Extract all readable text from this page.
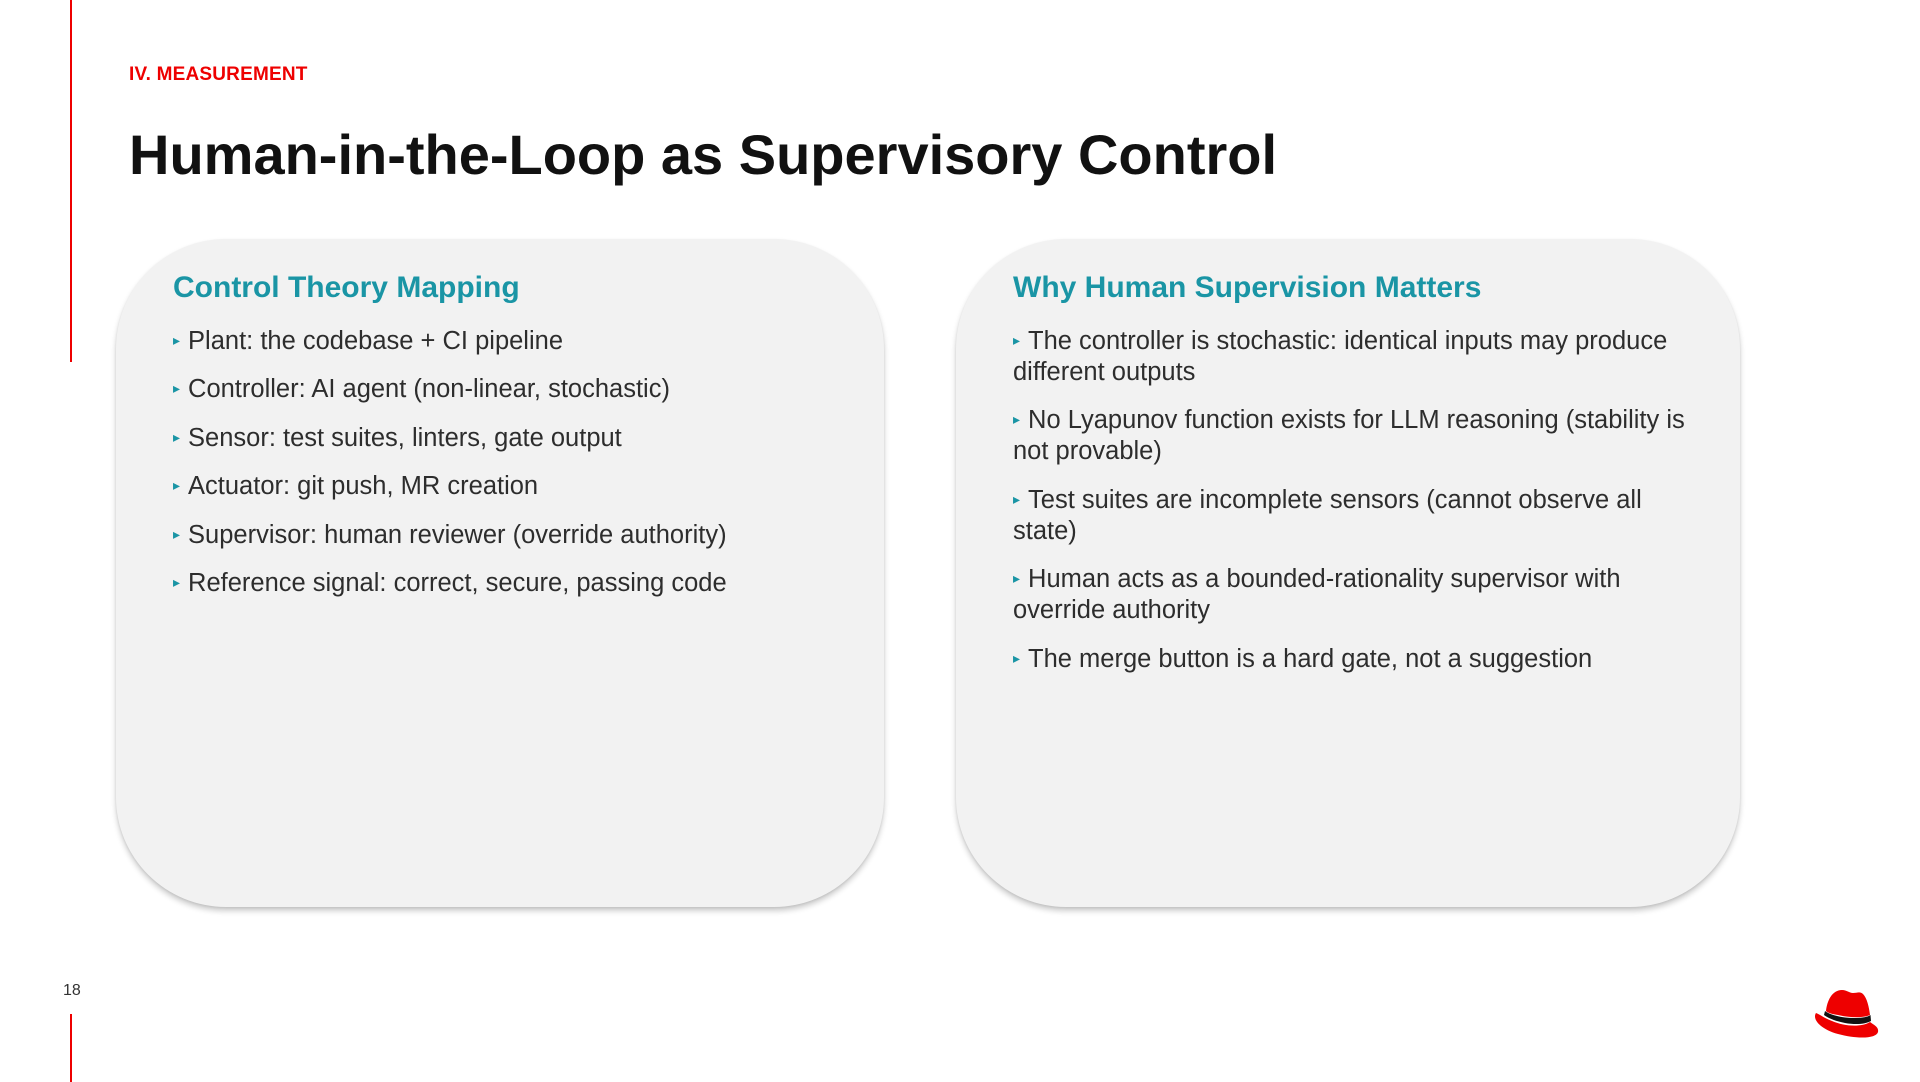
IV. MEASUREMENT
Human-in-the-Loop as Supervisory Control
Control Theory Mapping
▸ Plant: the codebase + CI pipeline
▸ Controller: AI agent (non-linear, stochastic)
▸ Sensor: test suites, linters, gate output
▸ Actuator: git push, MR creation
▸ Supervisor: human reviewer (override authority)
▸ Reference signal: correct, secure, passing code
Why Human Supervision Matters
▸ The controller is stochastic: identical inputs may produce different outputs
▸ No Lyapunov function exists for LLM reasoning (stability is not provable)
▸ Test suites are incomplete sensors (cannot observe all state)
▸ Human acts as a bounded-rationality supervisor with override authority
▸ The merge button is a hard gate, not a suggestion
18
